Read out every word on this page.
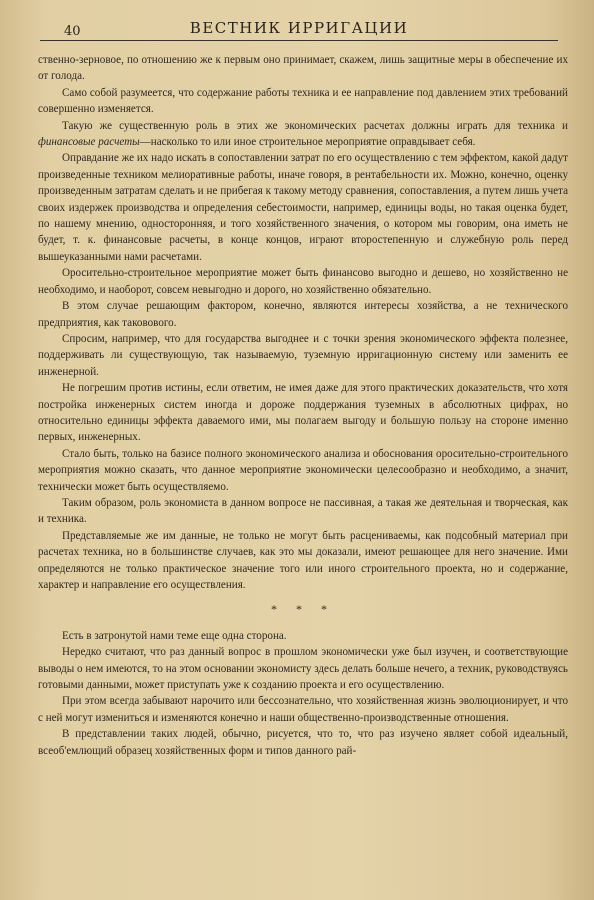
40	ВЕСТНИК ИРРИГАЦИИ

ственно-зерновое, по отношению же к первым оно принимает, скажем, лишь защитные меры в обеспечение их от голода.

Само собой разумеется, что содержание работы техника и ее направление под давлением этих требований совершенно изменяется.

Такую же существенную роль в этих же экономических расчетах должны играть для техника и финансовые расчеты—насколько то или иное строительное мероприятие оправдывает себя.

Оправдание же их надо искать в сопоставлении затрат по его осуществлению с тем эффектом, какой дадут произведенные техником мелиоративные работы, иначе говоря, в рентабельности их. Можно, конечно, оценку произведенным затратам сделать и не прибегая к такому методу сравнения, сопоставления, а путем лишь учета своих издержек производства и определения себестоимости, например, единицы воды, но такая оценка будет, по нашему мнению, односторонняя, и того хозяйственного значения, о котором мы говорим, она иметь не будет, т. к. финансовые расчеты, в конце концов, играют второстепенную и служебную роль перед вышеуказанными нами расчетами.

Оросительно-строительное мероприятие может быть финансово выгодно и дешево, но хозяйственно не необходимо, и наоборот, совсем невыгодно и дорого, но хозяйственно обязательно.

В этом случае решающим фактором, конечно, являются интересы хозяйства, а не технического предприятия, как таковового.

Спросим, например, что для государства выгоднее и с точки зрения экономического эффекта полезнее, поддерживать ли существующую, так называемую, туземную ирригационную систему или заменить ее инженерной.

Не погрешим против истины, если ответим, не имея даже для этого практических доказательств, что хотя постройка инженерных систем иногда и дороже поддержания туземных в абсолютных цифрах, но относительно единицы эффекта даваемого ими, мы полагаем выгоду и большую пользу на стороне именно первых, инженерных.

Стало быть, только на базисе полного экономического анализа и обоснования оросительно-строительного мероприятия можно сказать, что данное мероприятие экономически целесообразно и необходимо, а значит, технически может быть осуществляемо.

Таким образом, роль экономиста в данном вопросе не пассивная, а такая же деятельная и творческая, как и техника.

Представляемые же им данные, не только не могут быть расцениваемы, как подсобный материал при расчетах техника, но в большинстве случаев, как это мы доказали, имеют решающее для него значение. Ими определяются не только практическое значение того или иного строительного проекта, но и содержание, характер и направление его осуществления.

* * *

Есть в затронутой нами теме еще одна сторона.

Нередко считают, что раз данный вопрос в прошлом экономически уже был изучен, и соответствующие выводы о нем имеются, то на этом основании экономисту здесь делать больше нечего, а техник, руководствуясь готовыми данными, может приступать уже к созданию проекта и его осуществлению.

При этом всегда забывают нарочито или бессознательно, что хозяйственная жизнь эволюционирует, и что с ней могут измениться и изменяются конечно и наши общественно-производственные отношения.

В представлении таких людей, обычно, рисуется, что то, что раз изучено являет собой идеальный, всеоб'емлющий образец хозяйственных форм и типов данного рай-
